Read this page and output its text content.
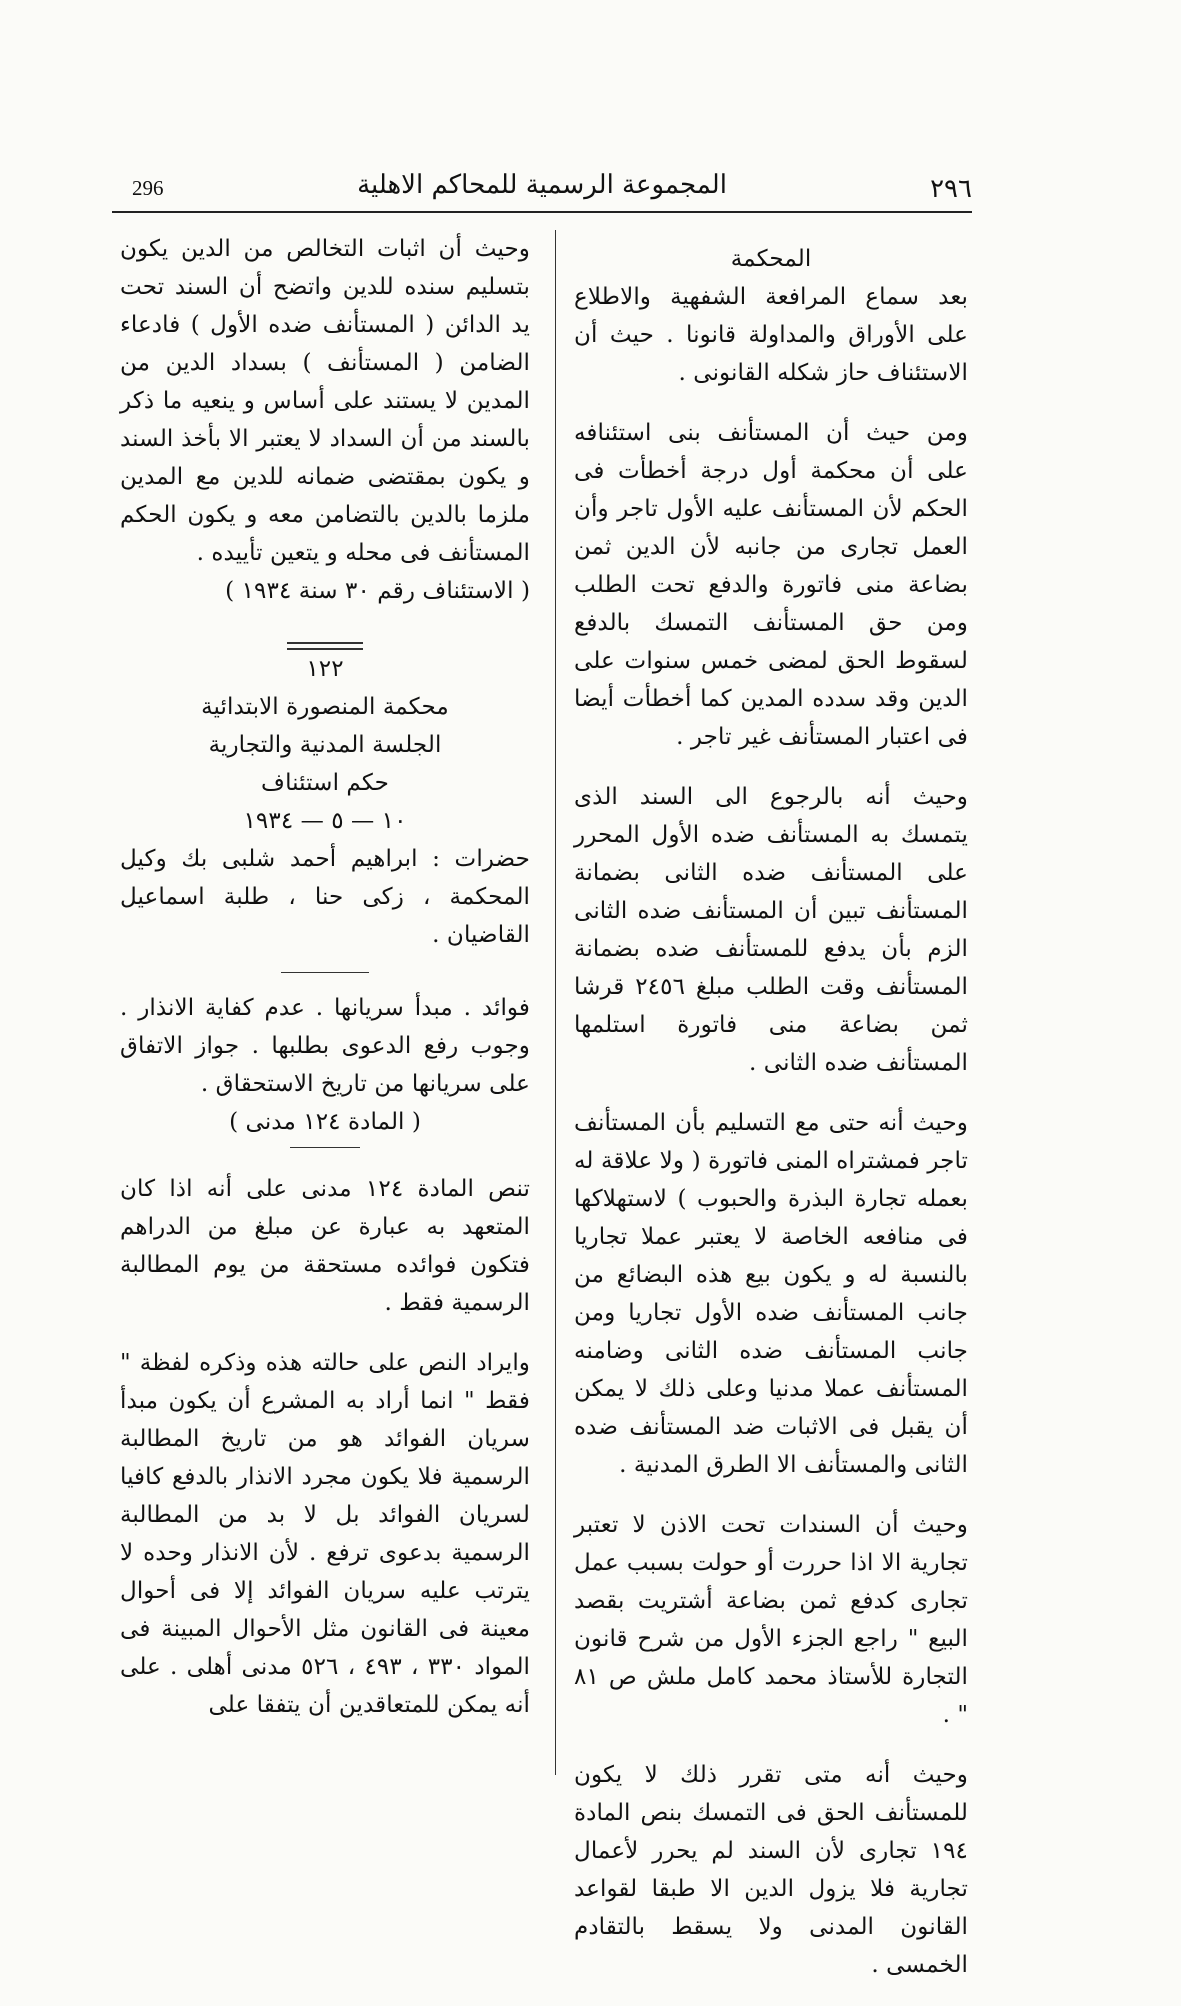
296	المجموعة الرسمية للمحاكم الاهلية	٢٩٦

المحكمة

بعد سماع المرافعة الشفهية والاطلاع على الأوراق والمداولة قانونا . حيث أن الاستئناف حاز شكله القانونى .

ومن حيث أن المستأنف بنى استئنافه على أن محكمة أول درجة أخطأت فى الحكم لأن المستأنف عليه الأول تاجر وأن العمل تجارى من جانبه لأن الدين ثمن بضاعة منى فاتورة والدفع تحت الطلب ومن حق المستأنف التمسك بالدفع لسقوط الحق لمضى خمس سنوات على الدين وقد سدده المدين كما أخطأت أيضا فى اعتبار المستأنف غير تاجر .

وحيث أنه بالرجوع الى السند الذى يتمسك به المستأنف ضده الأول المحرر على المستأنف ضده الثانى بضمانة المستأنف تبين أن المستأنف ضده الثانى الزم بأن يدفع للمستأنف ضده بضمانة المستأنف وقت الطلب مبلغ ٢٤٥٦ قرشا ثمن بضاعة منى فاتورة استلمها المستأنف ضده الثانى .

وحيث أنه حتى مع التسليم بأن المستأنف تاجر فمشتراه المنى فاتورة ( ولا علاقة له بعمله تجارة البذرة والحبوب ) لاستهلاكها فى منافعه الخاصة لا يعتبر عملا تجاريا بالنسبة له و يكون بيع هذه البضائع من جانب المستأنف ضده الأول تجاريا ومن جانب المستأنف ضده الثانى وضامنه المستأنف عملا مدنيا وعلى ذلك لا يمكن أن يقبل فى الاثبات ضد المستأنف ضده الثانى والمستأنف الا الطرق المدنية .

وحيث أن السندات تحت الاذن لا تعتبر تجارية الا اذا حررت أو حولت بسبب عمل تجارى كدفع ثمن بضاعة أشتريت بقصد البيع " راجع الجزء الأول من شرح قانون التجارة للأستاذ محمد كامل ملش ص ٨١ " .

وحيث أنه متى تقرر ذلك لا يكون للمستأنف الحق فى التمسك بنص المادة ١٩٤ تجارى لأن السند لم يحرر لأعمال تجارية فلا يزول الدين الا طبقا لقواعد القانون المدنى ولا يسقط بالتقادم الخمسى .

وحيث أن اثبات التخالص من الدين يكون بتسليم سنده للدين واتضح أن السند تحت يد الدائن ( المستأنف ضده الأول ) فادعاء الضامن ( المستأنف ) بسداد الدين من المدين لا يستند على أساس و ينعيه ما ذكر بالسند من أن السداد لا يعتبر الا بأخذ السند و يكون بمقتضى ضمانه للدين مع المدين ملزما بالدين بالتضامن معه و يكون الحكم المستأنف فى محله و يتعين تأييده .

( الاستئناف رقم ٣٠ سنة ١٩٣٤ )

١٢٢

محكمة المنصورة الابتدائية

الجلسة المدنية والتجارية

حكم استئناف

١٠ — ٥ — ١٩٣٤

حضرات : ابراهيم أحمد شلبى بك وكيل المحكمة ، زكى حنا ، طلبة اسماعيل القاضيان .

فوائد . مبدأ سريانها . عدم كفاية الانذار . وجوب رفع الدعوى بطلبها . جواز الاتفاق على سريانها من تاريخ الاستحقاق .

( المادة ١٢٤ مدنى )

تنص المادة ١٢٤ مدنى على أنه اذا كان المتعهد به عبارة عن مبلغ من الدراهم فتكون فوائده مستحقة من يوم المطالبة الرسمية فقط .

وايراد النص على حالته هذه وذكره لفظة " فقط " انما أراد به المشرع أن يكون مبدأ سريان الفوائد هو من تاريخ المطالبة الرسمية فلا يكون مجرد الانذار بالدفع كافيا لسريان الفوائد بل لا بد من المطالبة الرسمية بدعوى ترفع . لأن الانذار وحده لا يترتب عليه سريان الفوائد إلا فى أحوال معينة فى القانون مثل الأحوال المبينة فى المواد ٣٣٠ ، ٤٩٣ ، ٥٢٦ مدنى أهلى . على أنه يمكن للمتعاقدين أن يتفقا على
